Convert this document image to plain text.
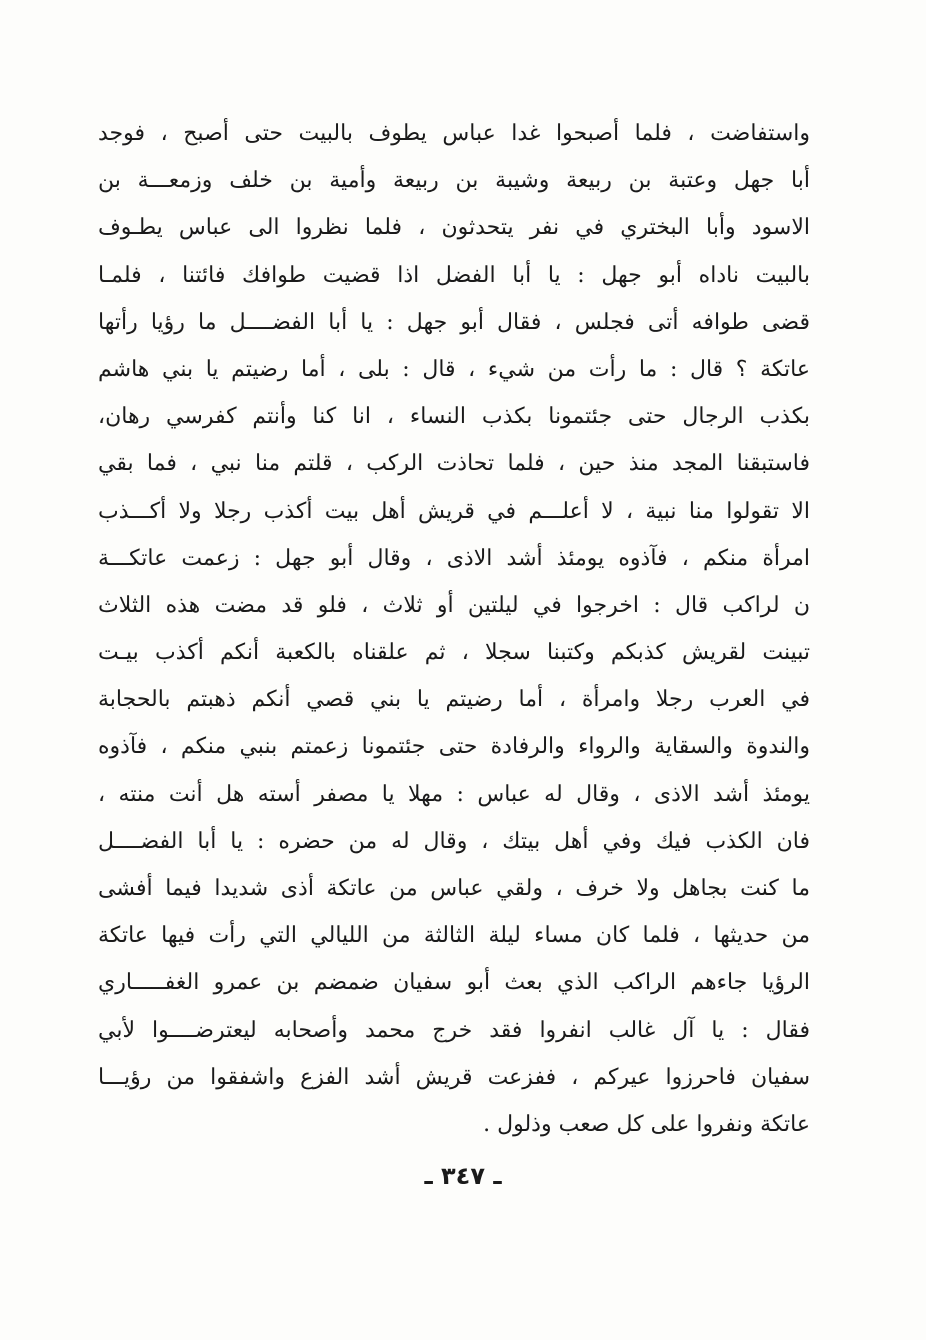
واستفاضت ، فلما أصبحوا غدا عباس يطوف بالبيت حتى أصبح ، فوجد
أبا جهل وعتبة بن ربيعة وشيبة بن ربيعة وأمية بن خلف وزمعـــة بن
الاسود وأبا البختري في نفر يتحدثون ، فلما نظروا الى عباس يطـوف
بالبيت ناداه أبو جهل : يا أبا الفضل اذا قضيت طوافك فائتنا ، فلمـا
قضى طوافه أتى فجلس ، فقال أبو جهل : يا أبا الفضــــل ما رؤيا رأتها
عاتكة ؟ قال : ما رأت من شيء ، قال : بلى ، أما رضيتم يا بني هاشم
بكذب الرجال حتى جئتمونا بكذب النساء ، انا كنا وأنتم كفرسي رهان،
فاستبقنا المجد منذ حين ، فلما تحاذت الركب ، قلتم منا نبي ، فما بقي
الا تقولوا منا نبية ، لا أعلـــم في قريش أهل بيت أكذب رجلا ولا أكـــذب
امرأة منكم ، فآذوه يومئذ أشد الاذى ، وقال أبو جهل : زعمت عاتكـــة
ن لراكب قال : اخرجوا في ليلتين أو ثلاث ، فلو قد مضت هذه الثلاث
تبينت لقريش كذبكم وكتبنا سجلا ، ثم علقناه بالكعبة أنكم أكذب بيـت
في العرب رجلا وامرأة ، أما رضيتم يا بني قصي أنكم ذهبتم بالحجابة
والندوة والسقاية والرواء والرفادة حتى جئتمونا زعمتم بنبي منكم ، فآذوه
يومئذ أشد الاذى ، وقال له عباس : مهلا يا مصفر أسته هل أنت منته ،
فان الكذب فيك وفي أهل بيتك ، وقال له من حضره : يا أبا الفضــــل
ما كنت بجاهل ولا خرف ، ولقي عباس من عاتكة أذى شديدا فيما أفشى
من حديثها ، فلما كان مساء ليلة الثالثة من الليالي التي رأت فيها عاتكة
الرؤيا جاءهم الراكب الذي بعث أبو سفيان ضمضم بن عمرو الغفـــــاري
فقال : يا آل غالب انفروا فقد خرج محمد وأصحابه ليعترضــــوا لأبي
سفيان فاحرزوا عيركم ، ففزعت قريش أشد الفزع واشفقوا من رؤيـــا
عاتكة ونفروا على كل صعب وذلول .
ـ ٣٤٧ ـ
